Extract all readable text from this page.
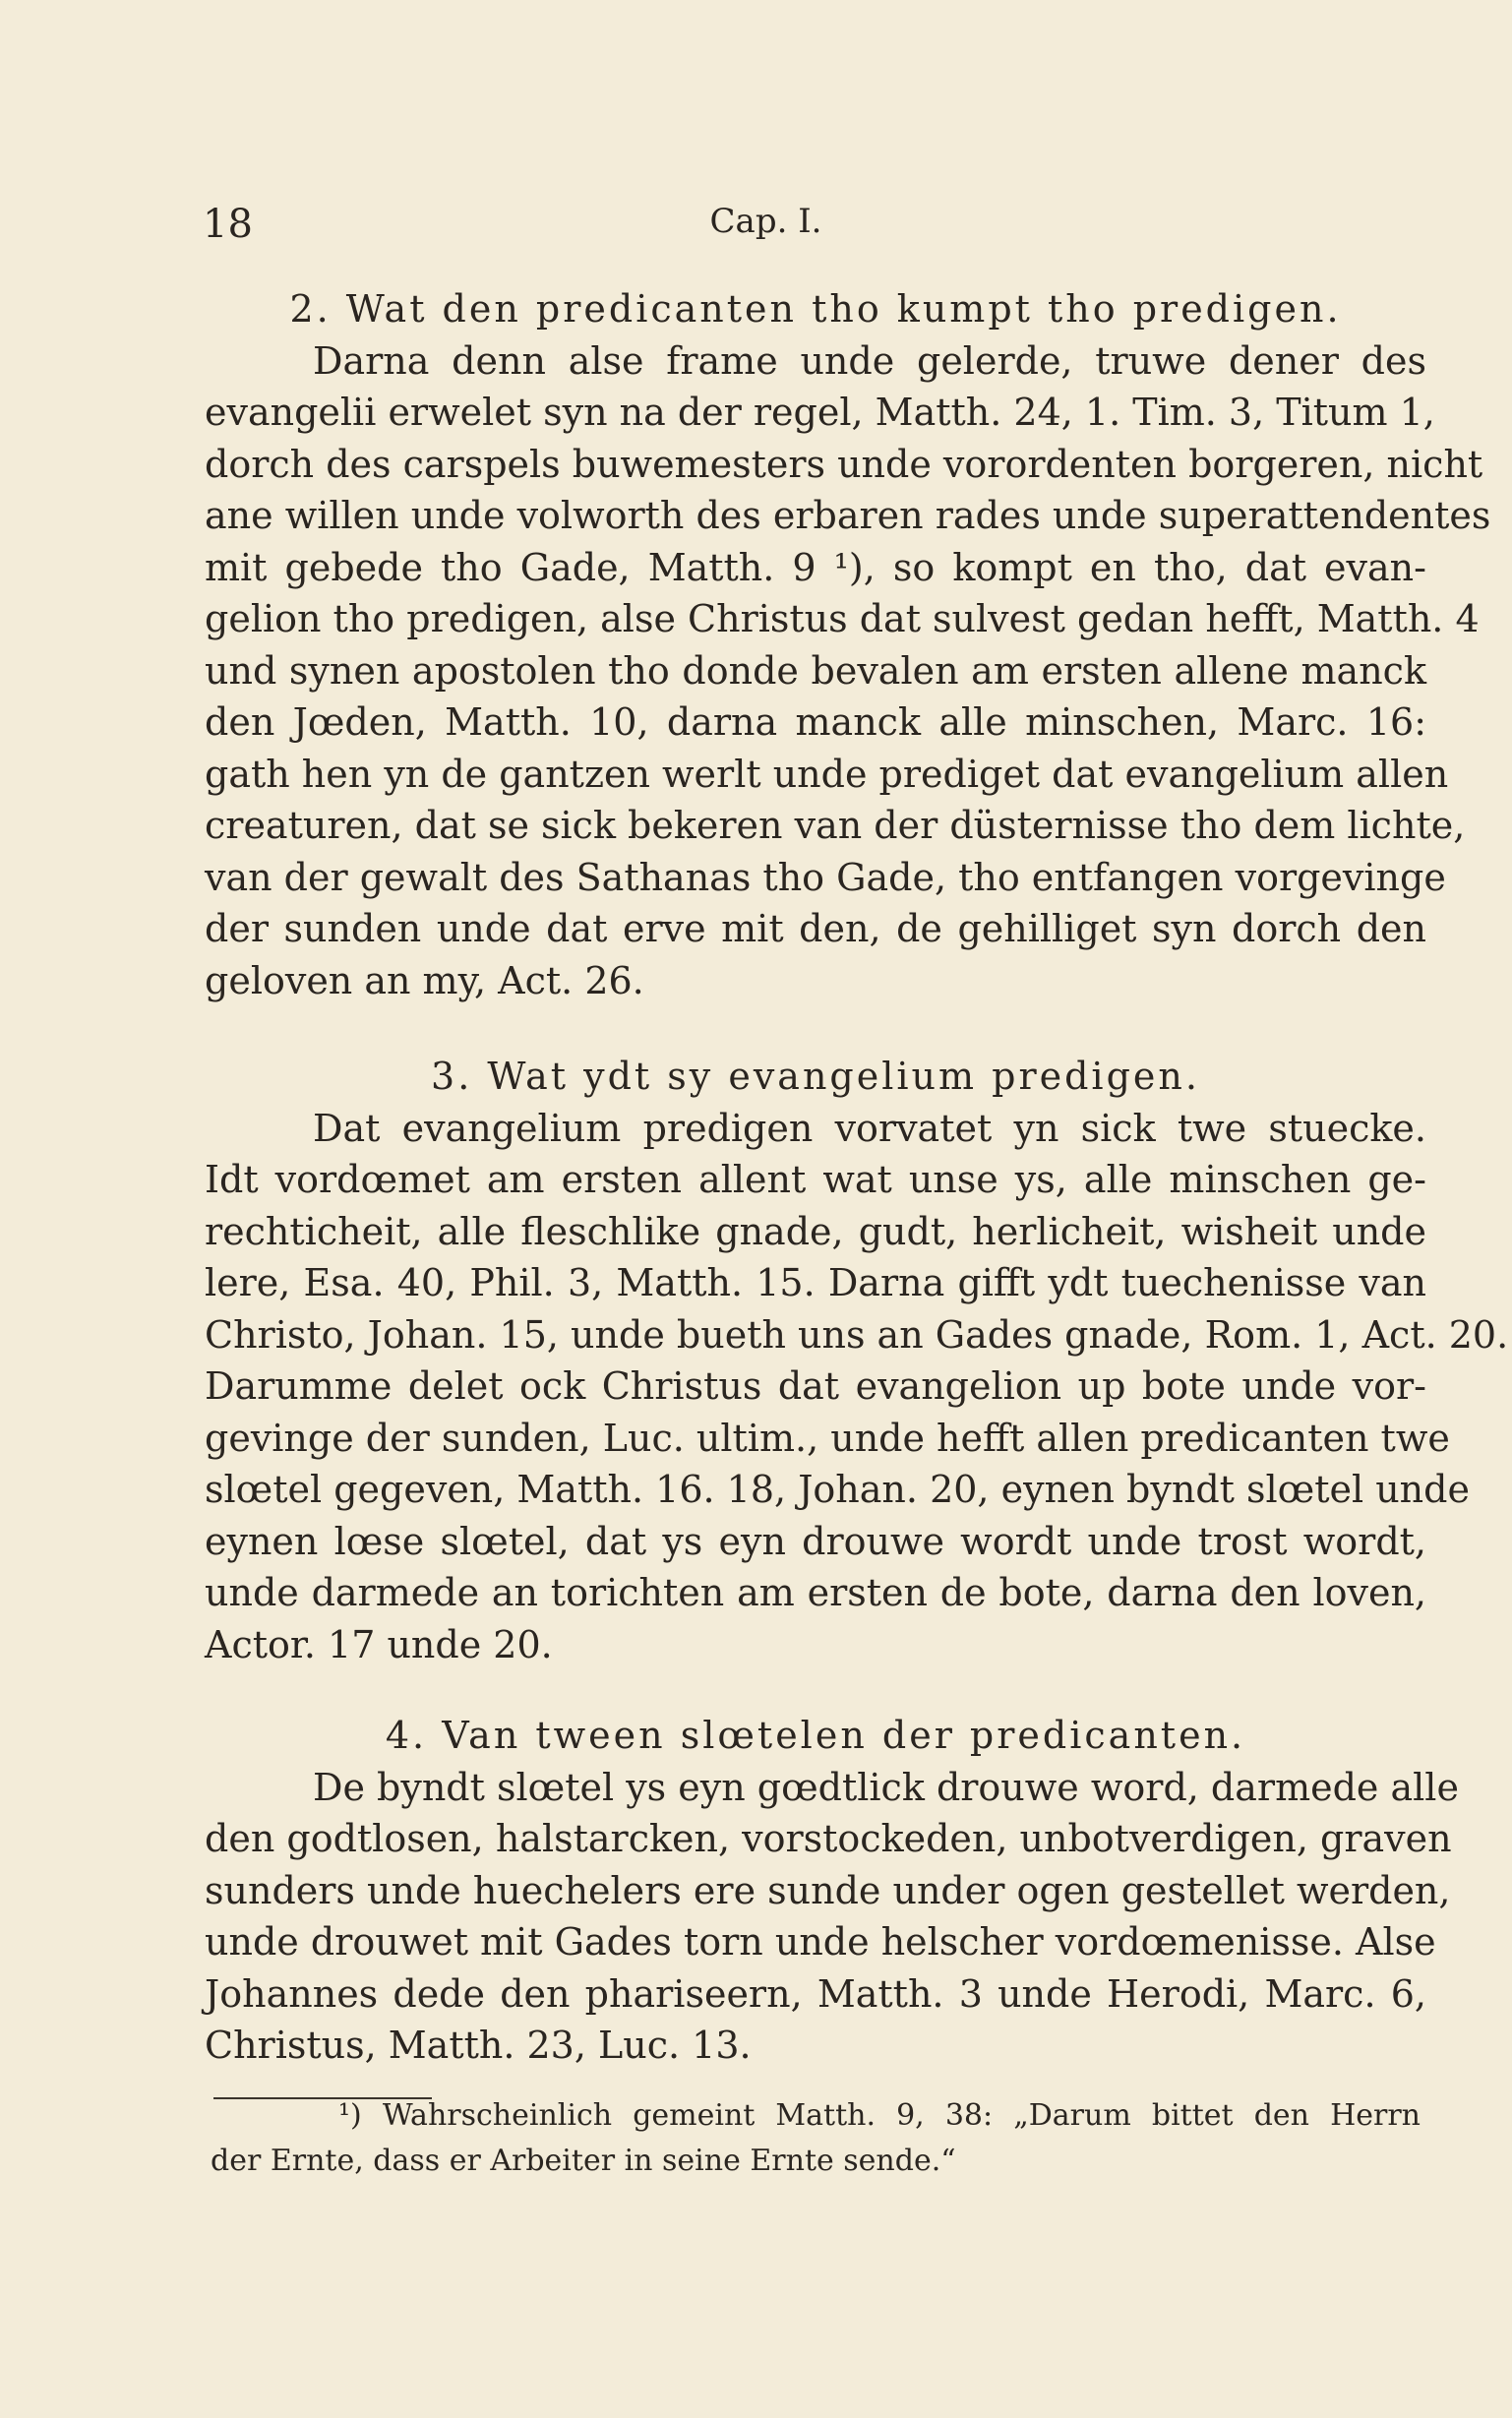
18	Cap. I.
2. Wat den predicanten tho kumpt tho predigen.
Darna denn alse frame unde gelerde, truwe dener des
evangelii erwelet syn na der regel, Matth. 24, 1. Tim. 3, Titum 1,
dorch des carspels buwemesters unde vorordenten borgeren, nicht
ane willen unde volworth des erbaren rades unde superattendentes
mit gebede tho Gade, Matth. 9 ¹), so kompt en tho, dat evan-
gelion tho predigen, alse Christus dat sulvest gedan hefft, Matth. 4
und synen apostolen tho donde bevalen am ersten allene manck
den Jœden, Matth. 10, darna manck alle minschen, Marc. 16:
gath hen yn de gantzen werlt unde prediget dat evangelium allen
creaturen, dat se sick bekeren van der düsternisse tho dem lichte,
van der gewalt des Sathanas tho Gade, tho entfangen vorgevinge
der sunden unde dat erve mit den, de gehilliget syn dorch den
geloven an my, Act. 26.
3. Wat ydt sy evangelium predigen.
Dat evangelium predigen vorvatet yn sick twe stuecke.
Idt vordœmet am ersten allent wat unse ys, alle minschen ge-
rechticheit, alle fleschlike gnade, gudt, herlicheit, wisheit unde
lere, Esa. 40, Phil. 3, Matth. 15. Darna gifft ydt tuechenisse van
Christo, Johan. 15, unde bueth uns an Gades gnade, Rom. 1, Act. 20.
Darumme delet ock Christus dat evangelion up bote unde vor-
gevinge der sunden, Luc. ultim., unde hefft allen predicanten twe
slœtel gegeven, Matth. 16. 18, Johan. 20, eynen byndt slœtel unde
eynen lœse slœtel, dat ys eyn drouwe wordt unde trost wordt,
unde darmede an torichten am ersten de bote, darna den loven,
Actor. 17 unde 20.
4. Van tween slœtelen der predicanten.
De byndt slœtel ys eyn gœdtlick drouwe word, darmede alle
den godtlosen, halstarcken, vorstockeden, unbotverdigen, graven
sunders unde huechelers ere sunde under ogen gestellet werden,
unde drouwet mit Gades torn unde helscher vordœmenisse. Alse
Johannes dede den phariseern, Matth. 3 unde Herodi, Marc. 6,
Christus, Matth. 23, Luc. 13.
¹) Wahrscheinlich gemeint Matth. 9, 38: „Darum bittet den Herrn
der Ernte, dass er Arbeiter in seine Ernte sende.“
